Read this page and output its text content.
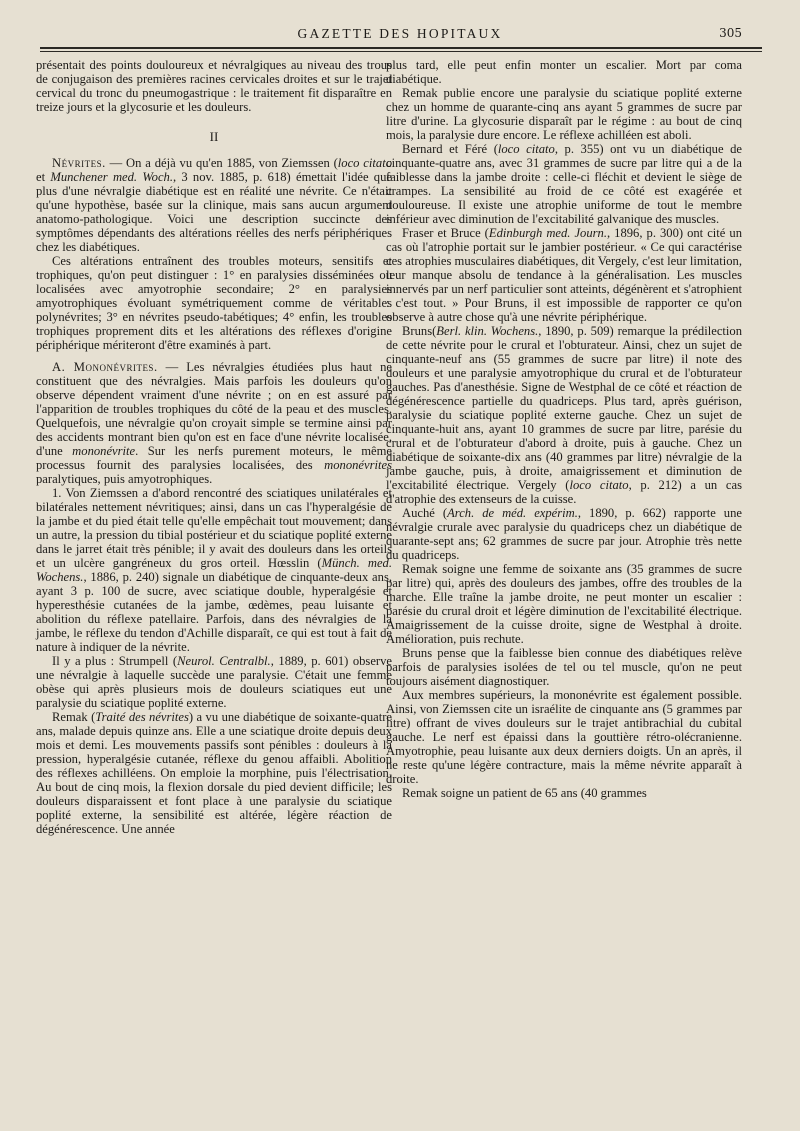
GAZETTE DES HOPITAUX	305

présentait des points douloureux et névralgiques au niveau des trous de conjugaison des premières racines cervicales droites et sur le trajet cervical du tronc du pneumogastrique : le traitement fit disparaître en treize jours et la glycosurie et les douleurs.

II

Névrites. — On a déjà vu qu'en 1885, von Ziemssen (loco citato et Munchener med. Woch., 3 nov. 1885, p. 618) émettait l'idée que plus d'une névralgie diabétique est en réalité une névrite. Ce n'était qu'une hypothèse, basée sur la clinique, mais sans aucun argument anatomo-pathologique. Voici une description succincte des symptômes dépendants des altérations réelles des nerfs périphériques chez les diabétiques.

Ces altérations entraînent des troubles moteurs, sensitifs et trophiques, qu'on peut distinguer : 1° en paralysies disséminées ou localisées avec amyotrophie secondaire; 2° en paralysies amyotrophiques évoluant symétriquement comme de véritables polynévrites; 3° en névrites pseudo-tabétiques; 4° enfin, les troubles trophiques proprement dits et les altérations des réflexes d'origine périphérique mériteront d'être examinés à part.

A. Mononévrites. — Les névralgies étudiées plus haut ne constituent que des névralgies. Mais parfois les douleurs qu'on observe dépendent vraiment d'une névrite ; on en est assuré par l'apparition de troubles trophiques du côté de la peau et des muscles. Quelquefois, une névralgie qu'on croyait simple se termine ainsi par des accidents montrant bien qu'on est en face d'une névrite localisée, d'une mononévrite. Sur les nerfs purement moteurs, le même processus fournit des paralysies localisées, des mononévrites paralytiques, puis amyotrophiques.

1. Von Ziemssen a d'abord rencontré des sciatiques unilatérales et bilatérales nettement névritiques; ainsi, dans un cas l'hyperalgésie de la jambe et du pied était telle qu'elle empêchait tout mouvement; dans un autre, la pression du tibial postérieur et du sciatique poplité externe dans le jarret était très pénible; il y avait des douleurs dans les orteils et un ulcère gangréneux du gros orteil. Hœsslin (Münch. med. Wochens., 1886, p. 240) signale un diabétique de cinquante-deux ans, ayant 3 p. 100 de sucre, avec sciatique double, hyperalgésie et hyperesthésie cutanées de la jambe, œdèmes, peau luisante et abolition du réflexe patellaire. Parfois, dans des névralgies de la jambe, le réflexe du tendon d'Achille disparaît, ce qui est tout à fait de nature à indiquer de la névrite.

Il y a plus : Strumpell (Neurol. Centralbl., 1889, p. 601) observe une névralgie à laquelle succède une paralysie. C'était une femme obèse qui après plusieurs mois de douleurs sciatiques eut une paralysie du sciatique poplité externe.

Remak (Traité des névrites) a vu une diabétique de soixante-quatre ans, malade depuis quinze ans. Elle a une sciatique droite depuis deux mois et demi. Les mouvements passifs sont pénibles : douleurs à la pression, hyperalgésie cutanée, réflexe du genou affaibli. Abolition des réflexes achilléens. On emploie la morphine, puis l'électrisation. Au bout de cinq mois, la flexion dorsale du pied devient difficile; les douleurs disparaissent et font place à une paralysie du sciatique poplité externe, la sensibilité est altérée, légère réaction de dégénérescence. Une année

plus tard, elle peut enfin monter un escalier. Mort par coma diabétique.

Remak publie encore une paralysie du sciatique poplité externe chez un homme de quarante-cinq ans ayant 5 grammes de sucre par litre d'urine. La glycosurie disparaît par le régime : au bout de cinq mois, la paralysie dure encore. Le réflexe achilléen est aboli.

Bernard et Féré (loco citato, p. 355) ont vu un diabétique de cinquante-quatre ans, avec 31 grammes de sucre par litre qui a de la faiblesse dans la jambe droite : celle-ci fléchit et devient le siège de crampes. La sensibilité au froid de ce côté est exagérée et douloureuse. Il existe une atrophie uniforme de tout le membre inférieur avec diminution de l'excitabilité galvanique des muscles.

Fraser et Bruce (Edinburgh med. Journ., 1896, p. 300) ont cité un cas où l'atrophie portait sur le jambier postérieur. « Ce qui caractérise ces atrophies musculaires diabétiques, dit Vergely, c'est leur limitation, leur manque absolu de tendance à la généralisation. Les muscles innervés par un nerf particulier sont atteints, dégénèrent et s'atrophient : c'est tout. » Pour Bruns, il est impossible de rapporter ce qu'on observe à autre chose qu'à une névrite périphérique.

Bruns(Berl. klin. Wochens., 1890, p. 509) remarque la prédilection de cette névrite pour le crural et l'obturateur. Ainsi, chez un sujet de cinquante-neuf ans (55 grammes de sucre par litre) il note des douleurs et une paralysie amyotrophique du crural et de l'obturateur gauches. Pas d'anesthésie. Signe de Westphal de ce côté et réaction de dégénérescence partielle du quadriceps. Plus tard, après guérison, paralysie du sciatique poplité externe gauche. Chez un sujet de cinquante-huit ans, ayant 10 grammes de sucre par litre, parésie du crural et de l'obturateur d'abord à droite, puis à gauche. Chez un diabétique de soixante-dix ans (40 grammes par litre) névralgie de la jambe gauche, puis, à droite, amaigrissement et diminution de l'excitabilité électrique. Vergely (loco citato, p. 212) a un cas d'atrophie des extenseurs de la cuisse.

Auché (Arch. de méd. expérim., 1890, p. 662) rapporte une névralgie crurale avec paralysie du quadriceps chez un diabétique de quarante-sept ans; 62 grammes de sucre par jour. Atrophie très nette du quadriceps.

Remak soigne une femme de soixante ans (35 grammes de sucre par litre) qui, après des douleurs des jambes, offre des troubles de la marche. Elle traîne la jambe droite, ne peut monter un escalier : parésie du crural droit et légère diminution de l'excitabilité électrique. Amaigrissement de la cuisse droite, signe de Westphal à droite. Amélioration, puis rechute.

Bruns pense que la faiblesse bien connue des diabétiques relève parfois de paralysies isolées de tel ou tel muscle, qu'on ne peut toujours aisément diagnostiquer.

Aux membres supérieurs, la mononévrite est également possible. Ainsi, von Ziemssen cite un israélite de cinquante ans (5 grammes par litre) offrant de vives douleurs sur le trajet antibrachial du cubital gauche. Le nerf est épaissi dans la gouttière rétro-olécranienne. Amyotrophie, peau luisante aux deux derniers doigts. Un an après, il ne reste qu'une légère contracture, mais la même névrite apparaît à droite.

Remak soigne un patient de 65 ans (40 grammes
